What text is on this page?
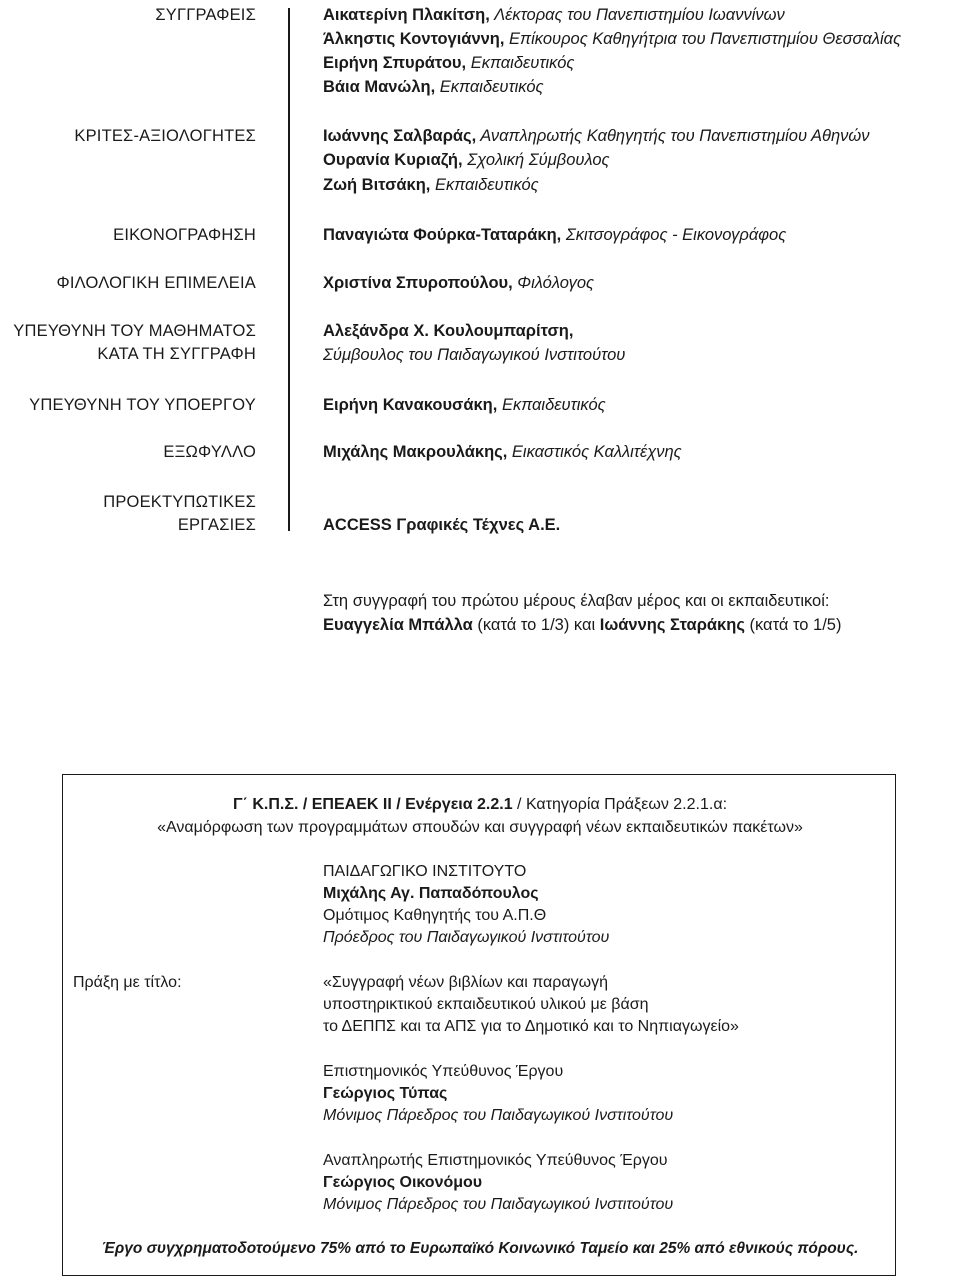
ΣΥΓΓΡΑΦΕΙΣ
ΚΡΙΤΕΣ-ΑΞΙΟΛΟΓΗΤΕΣ
ΕΙΚΟΝΟΓΡΑΦΗΣΗ
ΦΙΛΟΛΟΓΙΚΗ ΕΠΙΜΕΛΕΙΑ
ΥΠΕΥΘΥΝΗ ΤΟΥ ΜΑΘΗΜΑΤΟΣ
ΚΑΤΑ ΤΗ ΣΥΓΓΡΑΦΗ
ΥΠΕΥΘΥΝΗ ΤΟΥ ΥΠΟΕΡΓΟΥ
ΕΞΩΦΥΛΛΟ
ΠΡΟΕΚΤΥΠΩΤΙΚΕΣ
ΕΡΓΑΣΙΕΣ
Αικατερίνη Πλακίτση, Λέκτορας του Πανεπιστημίου Ιωαννίνων
Άλκηστις Κοντογιάννη, Επίκουρος Καθηγήτρια του Πανεπιστημίου Θεσσαλίας
Ειρήνη Σπυράτου, Εκπαιδευτικός
Βάια Μανώλη, Εκπαιδευτικός
Ιωάννης Σαλβαράς, Αναπληρωτής Καθηγητής του Πανεπιστημίου Αθηνών
Ουρανία Κυριαζή, Σχολική Σύμβουλος
Ζωή Βιτσάκη, Εκπαιδευτικός
Παναγιώτα Φούρκα-Ταταράκη, Σκιτσογράφος - Εικονογράφος
Χριστίνα Σπυροπούλου, Φιλόλογος
Αλεξάνδρα Χ. Κουλουμπαρίτση,
Σύμβουλος του Παιδαγωγικού Ινστιτούτου
Ειρήνη Κανακουσάκη, Εκπαιδευτικός
Μιχάλης Μακρουλάκης, Εικαστικός Καλλιτέχνης
ACCESS Γραφικές Τέχνες Α.Ε.
Στη συγγραφή του πρώτου μέρους έλαβαν μέρος και οι εκπαιδευτικοί:
Ευαγγελία Μπάλλα (κατά το 1/3) και Ιωάννης Σταράκης (κατά το 1/5)
Γ΄ Κ.Π.Σ. / ΕΠΕΑΕΚ ΙΙ / Ενέργεια 2.2.1 / Κατηγορία Πράξεων 2.2.1.α:
«Αναμόρφωση των προγραμμάτων σπουδών και συγγραφή νέων εκπαιδευτικών πακέτων»
ΠΑΙΔΑΓΩΓΙΚΟ ΙΝΣΤΙΤΟΥΤΟ
Μιχάλης Αγ. Παπαδόπουλος
Ομότιμος Καθηγητής του Α.Π.Θ
Πρόεδρος του Παιδαγωγικού Ινστιτούτου
Πράξη με τίτλο:	«Συγγραφή νέων βιβλίων και παραγωγή
υποστηρικτικού εκπαιδευτικού υλικού με βάση
το ΔΕΠΠΣ και τα ΑΠΣ για το Δημοτικό και το Νηπιαγωγείο»
Επιστημονικός Υπεύθυνος Έργου
Γεώργιος Τύπας
Μόνιμος Πάρεδρος του Παιδαγωγικού Ινστιτούτου
Αναπληρωτής Επιστημονικός Υπεύθυνος Έργου
Γεώργιος Οικονόμου
Μόνιμος Πάρεδρος του Παιδαγωγικού Ινστιτούτου
Έργο συγχρηματοδοτούμενο 75% από το Ευρωπαϊκό Κοινωνικό Ταμείο και 25% από εθνικούς πόρους.
